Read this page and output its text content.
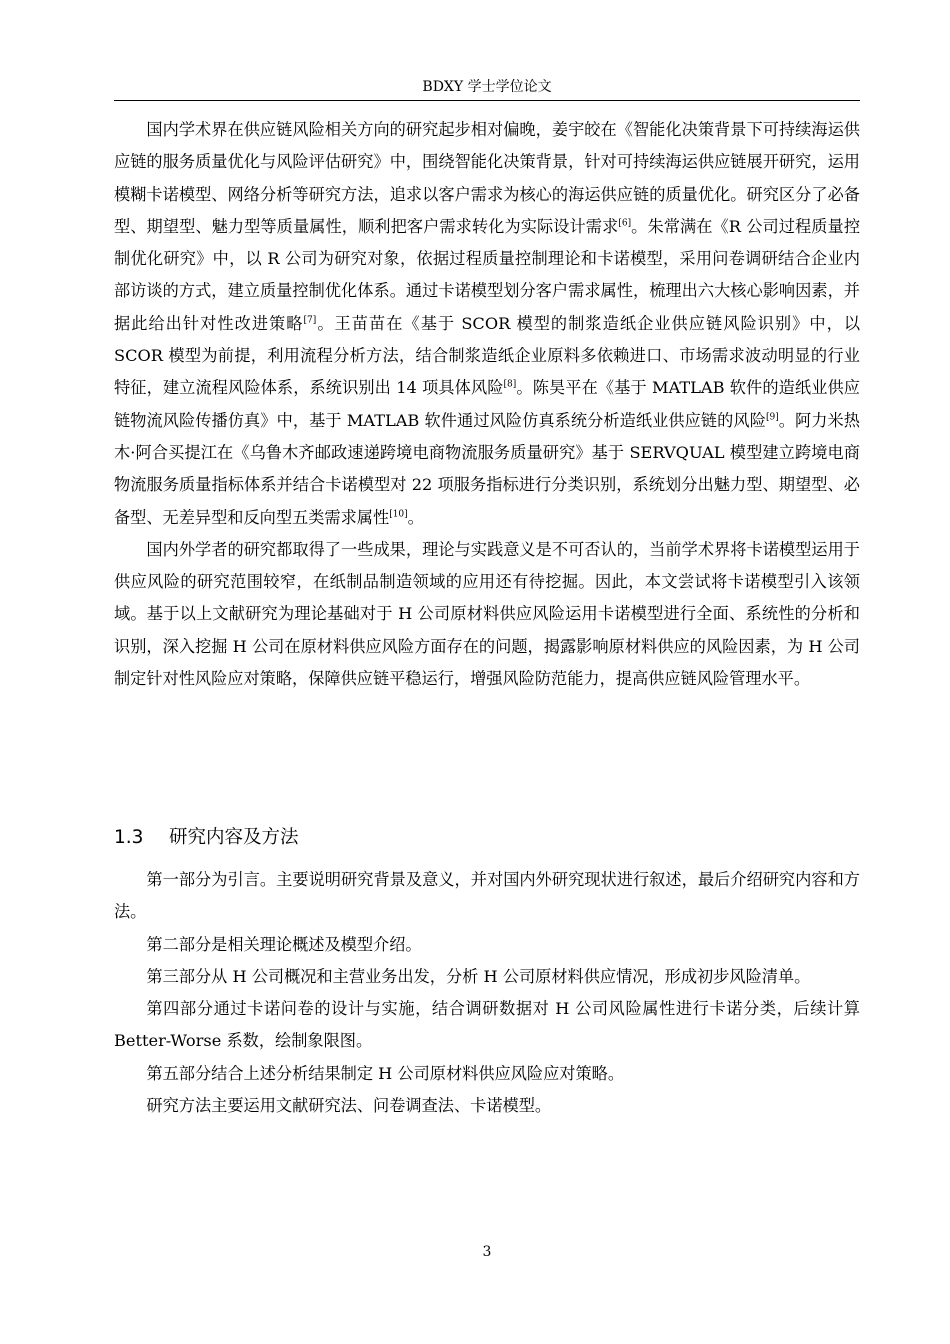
BDXY 学士学位论文

国内学术界在供应链风险相关方向的研究起步相对偏晚，姜宇皎在《智能化决策背景下可持续海运供应链的服务质量优化与风险评估研究》中，围绕智能化决策背景，针对可持续海运供应链展开研究，运用模糊卡诺模型、网络分析等研究方法，追求以客户需求为核心的海运供应链的质量优化。研究区分了必备型、期望型、魅力型等质量属性，顺利把客户需求转化为实际设计需求[6]。朱常满在《R 公司过程质量控制优化研究》中，以 R 公司为研究对象，依据过程质量控制理论和卡诺模型，采用问卷调研结合企业内部访谈的方式，建立质量控制优化体系。通过卡诺模型划分客户需求属性，梳理出六大核心影响因素，并据此给出针对性改进策略[7]。王苗苗在《基于 SCOR 模型的制浆造纸企业供应链风险识别》中，以 SCOR 模型为前提，利用流程分析方法，结合制浆造纸企业原料多依赖进口、市场需求波动明显的行业特征，建立流程风险体系，系统识别出 14 项具体风险[8]。陈昊平在《基于 MATLAB 软件的造纸业供应链物流风险传播仿真》中，基于 MATLAB 软件通过风险仿真系统分析造纸业供应链的风险[9]。阿力米热木·阿合买提江在《乌鲁木齐邮政速递跨境电商物流服务质量研究》基于 SERVQUAL 模型建立跨境电商物流服务质量指标体系并结合卡诺模型对 22 项服务指标进行分类识别，系统划分出魅力型、期望型、必备型、无差异型和反向型五类需求属性[10]。

国内外学者的研究都取得了一些成果，理论与实践意义是不可否认的，当前学术界将卡诺模型运用于供应风险的研究范围较窄，在纸制品制造领域的应用还有待挖掘。因此，本文尝试将卡诺模型引入该领域。基于以上文献研究为理论基础对于 H 公司原材料供应风险运用卡诺模型进行全面、系统性的分析和识别，深入挖掘 H 公司在原材料供应风险方面存在的问题，揭露影响原材料供应的风险因素，为 H 公司制定针对性风险应对策略，保障供应链平稳运行，增强风险防范能力，提高供应链风险管理水平。

1.3 研究内容及方法

第一部分为引言。主要说明研究背景及意义，并对国内外研究现状进行叙述，最后介绍研究内容和方法。

第二部分是相关理论概述及模型介绍。

第三部分从 H 公司概况和主营业务出发，分析 H 公司原材料供应情况，形成初步风险清单。

第四部分通过卡诺问卷的设计与实施，结合调研数据对 H 公司风险属性进行卡诺分类，后续计算 Better-Worse 系数，绘制象限图。

第五部分结合上述分析结果制定 H 公司原材料供应风险应对策略。

研究方法主要运用文献研究法、问卷调查法、卡诺模型。

3
